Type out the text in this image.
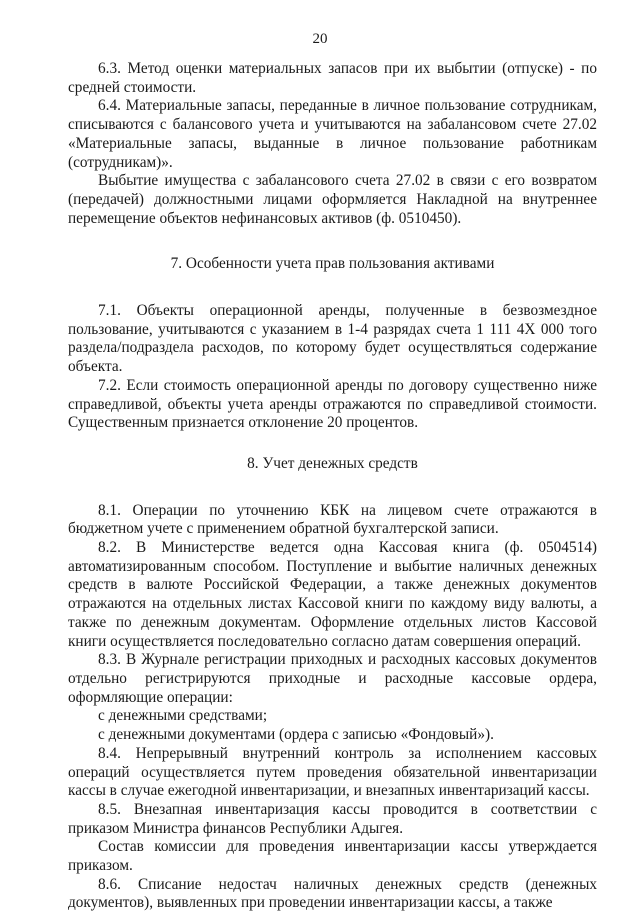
20

6.3. Метод оценки материальных запасов при их выбытии (отпуске) - по средней стоимости.

6.4. Материальные запасы, переданные в личное пользование сотрудникам, списываются с балансового учета и учитываются на забалансовом счете 27.02 «Материальные запасы, выданные в личное пользование работникам (сотрудникам)».

Выбытие имущества с забалансового счета 27.02 в связи с его возвратом (передачей) должностными лицами оформляется Накладной на внутреннее перемещение объектов нефинансовых активов (ф. 0510450).

7. Особенности учета прав пользования активами

7.1. Объекты операционной аренды, полученные в безвозмездное пользование, учитываются с указанием в 1-4 разрядах счета 1 111 4Х 000 того раздела/подраздела расходов, по которому будет осуществляться содержание объекта.

7.2. Если стоимость операционной аренды по договору существенно ниже справедливой, объекты учета аренды отражаются по справедливой стоимости. Существенным признается отклонение 20 процентов.

8. Учет денежных средств

8.1. Операции по уточнению КБК на лицевом счете отражаются в бюджетном учете с применением обратной бухгалтерской записи.

8.2. В Министерстве ведется одна Кассовая книга (ф. 0504514) автоматизированным способом. Поступление и выбытие наличных денежных средств в валюте Российской Федерации, а также денежных документов отражаются на отдельных листах Кассовой книги по каждому виду валюты, а также по денежным документам. Оформление отдельных листов Кассовой книги осуществляется последовательно согласно датам совершения операций.

8.3. В Журнале регистрации приходных и расходных кассовых документов отдельно регистрируются приходные и расходные кассовые ордера, оформляющие операции:

с денежными средствами;

с денежными документами (ордера с записью «Фондовый»).

8.4. Непрерывный внутренний контроль за исполнением кассовых операций осуществляется путем проведения обязательной инвентаризации кассы в случае ежегодной инвентаризации, и внезапных инвентаризаций кассы.

8.5. Внезапная инвентаризация кассы проводится в соответствии с приказом Министра финансов Республики Адыгея.

Состав комиссии для проведения инвентаризации кассы утверждается приказом.

8.6. Списание недостач наличных денежных средств (денежных документов), выявленных при проведении инвентаризации кассы, а также
